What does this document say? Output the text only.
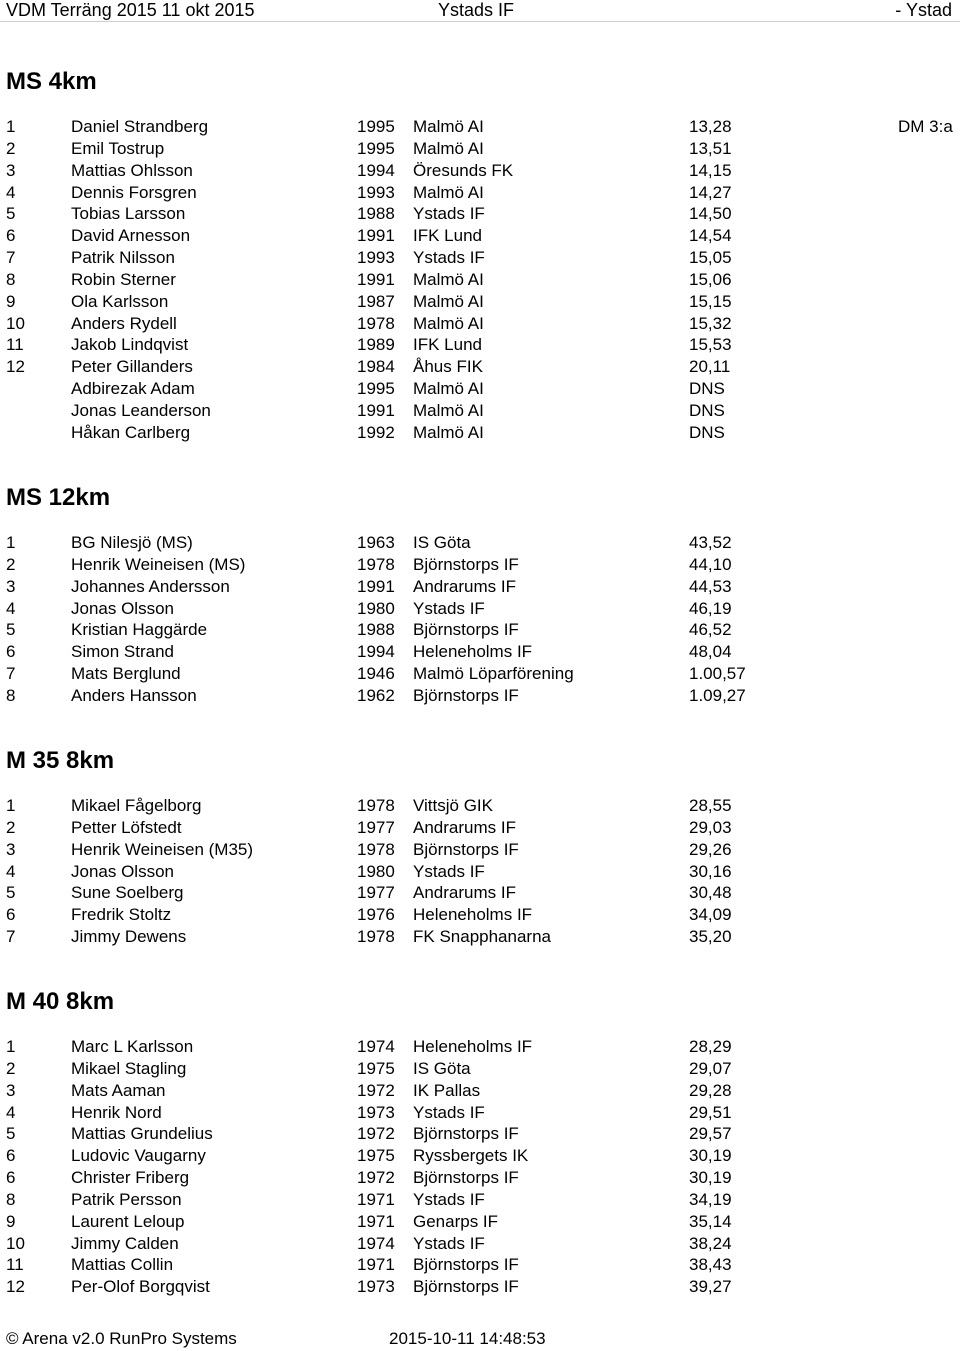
VDM Terräng 2015 11 okt 2015	Ystads IF	- Ystad
MS 4km
1	Daniel Strandberg	1995 Malmö AI	13,28	DM 3:a
2	Emil Tostrup	1995 Malmö AI	13,51
3	Mattias Ohlsson	1994 Öresunds FK	14,15
4	Dennis Forsgren	1993 Malmö AI	14,27
5	Tobias Larsson	1988 Ystads IF	14,50
6	David Arnesson	1991 IFK Lund	14,54
7	Patrik Nilsson	1993 Ystads IF	15,05
8	Robin Sterner	1991 Malmö AI	15,06
9	Ola Karlsson	1987 Malmö AI	15,15
10	Anders Rydell	1978 Malmö AI	15,32
11	Jakob Lindqvist	1989 IFK Lund	15,53
12	Peter Gillanders	1984 Åhus FIK	20,11
Adbirezak Adam	1995 Malmö AI	DNS
Jonas Leanderson	1991 Malmö AI	DNS
Håkan Carlberg	1992 Malmö AI	DNS
MS 12km
1	BG Nilesjö (MS)	1963 IS Göta	43,52
2	Henrik Weineisen (MS)	1978 Björnstorps IF	44,10
3	Johannes Andersson	1991 Andrarums IF	44,53
4	Jonas Olsson	1980 Ystads IF	46,19
5	Kristian Haggärde	1988 Björnstorps IF	46,52
6	Simon Strand	1994 Heleneholms IF	48,04
7	Mats Berglund	1946 Malmö Löparförening	1.00,57
8	Anders Hansson	1962 Björnstorps IF	1.09,27
M 35 8km
1	Mikael Fågelborg	1978 Vittsjö GIK	28,55
2	Petter Löfstedt	1977 Andrarums IF	29,03
3	Henrik Weineisen (M35)	1978 Björnstorps IF	29,26
4	Jonas Olsson	1980 Ystads IF	30,16
5	Sune Soelberg	1977 Andrarums IF	30,48
6	Fredrik Stoltz	1976 Heleneholms IF	34,09
7	Jimmy Dewens	1978 FK Snapphanarna	35,20
M 40 8km
1	Marc L Karlsson	1974 Heleneholms IF	28,29
2	Mikael Stagling	1975 IS Göta	29,07
3	Mats Aaman	1972 IK Pallas	29,28
4	Henrik Nord	1973 Ystads IF	29,51
5	Mattias Grundelius	1972 Björnstorps IF	29,57
6	Ludovic Vaugarny	1975 Ryssbergets IK	30,19
6	Christer Friberg	1972 Björnstorps IF	30,19
8	Patrik Persson	1971 Ystads IF	34,19
9	Laurent Leloup	1971 Genarps IF	35,14
10	Jimmy Calden	1974 Ystads IF	38,24
11	Mattias Collin	1971 Björnstorps IF	38,43
12	Per-Olof Borgqvist	1973 Björnstorps IF	39,27
© Arena v2.0 RunPro Systems	2015-10-11 14:48:53
